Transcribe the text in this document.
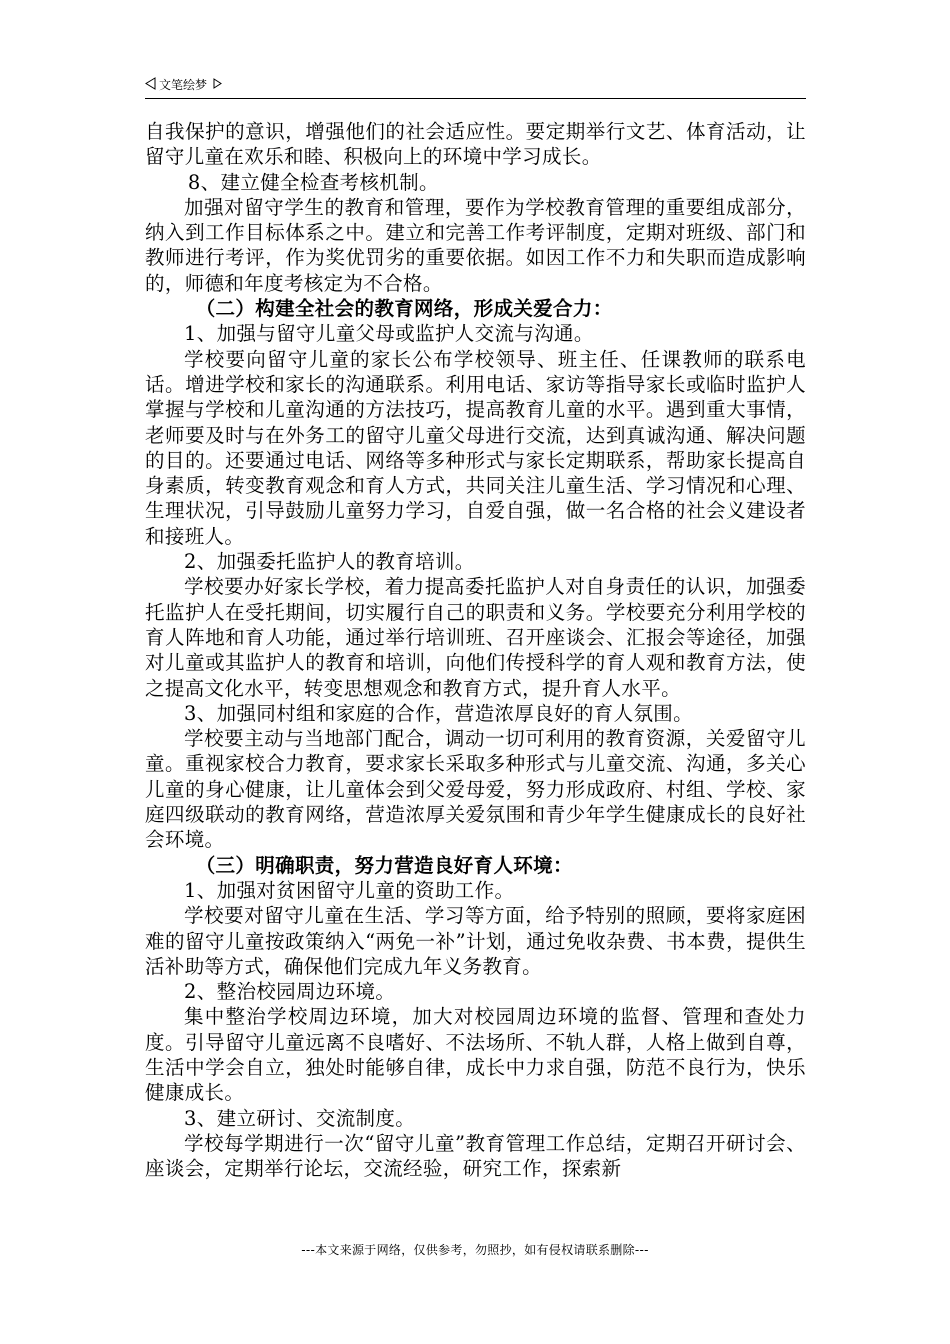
文笔绘梦

自我保护的意识，增强他们的社会适应性。要定期举行文艺、体育活动，让留守儿童在欢乐和睦、积极向上的环境中学习成长。

8、建立健全检查考核机制。

加强对留守学生的教育和管理，要作为学校教育管理的重要组成部分，纳入到工作目标体系之中。建立和完善工作考评制度，定期对班级、部门和教师进行考评，作为奖优罚劣的重要依据。如因工作不力和失职而造成影响的，师德和年度考核定为不合格。

（二）构建全社会的教育网络，形成关爱合力：

1、加强与留守儿童父母或监护人交流与沟通。

学校要向留守儿童的家长公布学校领导、班主任、任课教师的联系电话。增进学校和家长的沟通联系。利用电话、家访等指导家长或临时监护人掌握与学校和儿童沟通的方法技巧，提高教育儿童的水平。遇到重大事情，老师要及时与在外务工的留守儿童父母进行交流，达到真诚沟通、解决问题的目的。还要通过电话、网络等多种形式与家长定期联系，帮助家长提高自身素质，转变教育观念和育人方式，共同关注儿童生活、学习情况和心理、生理状况，引导鼓励儿童努力学习，自爱自强，做一名合格的社会义建设者和接班人。

2、加强委托监护人的教育培训。

学校要办好家长学校，着力提高委托监护人对自身责任的认识，加强委托监护人在受托期间，切实履行自己的职责和义务。学校要充分利用学校的育人阵地和育人功能，通过举行培训班、召开座谈会、汇报会等途径，加强对儿童或其监护人的教育和培训，向他们传授科学的育人观和教育方法，使之提高文化水平，转变思想观念和教育方式，提升育人水平。

3、加强同村组和家庭的合作，营造浓厚良好的育人氛围。

学校要主动与当地部门配合，调动一切可利用的教育资源，关爱留守儿童。重视家校合力教育，要求家长采取多种形式与儿童交流、沟通，多关心儿童的身心健康，让儿童体会到父爱母爱，努力形成政府、村组、学校、家庭四级联动的教育网络，营造浓厚关爱氛围和青少年学生健康成长的良好社会环境。

（三）明确职责，努力营造良好育人环境：

1、加强对贫困留守儿童的资助工作。

学校要对留守儿童在生活、学习等方面，给予特别的照顾，要将家庭困难的留守儿童按政策纳入“两免一补”计划，通过免收杂费、书本费，提供生活补助等方式，确保他们完成九年义务教育。

2、整治校园周边环境。

集中整治学校周边环境，加大对校园周边环境的监督、管理和查处力度。引导留守儿童远离不良嗜好、不法场所、不轨人群，人格上做到自尊，生活中学会自立，独处时能够自律，成长中力求自强，防范不良行为，快乐健康成长。

3、建立研讨、交流制度。

学校每学期进行一次“留守儿童”教育管理工作总结，定期召开研讨会、座谈会，定期举行论坛，交流经验，研究工作，探索新

---本文来源于网络，仅供参考，勿照抄，如有侵权请联系删除---
